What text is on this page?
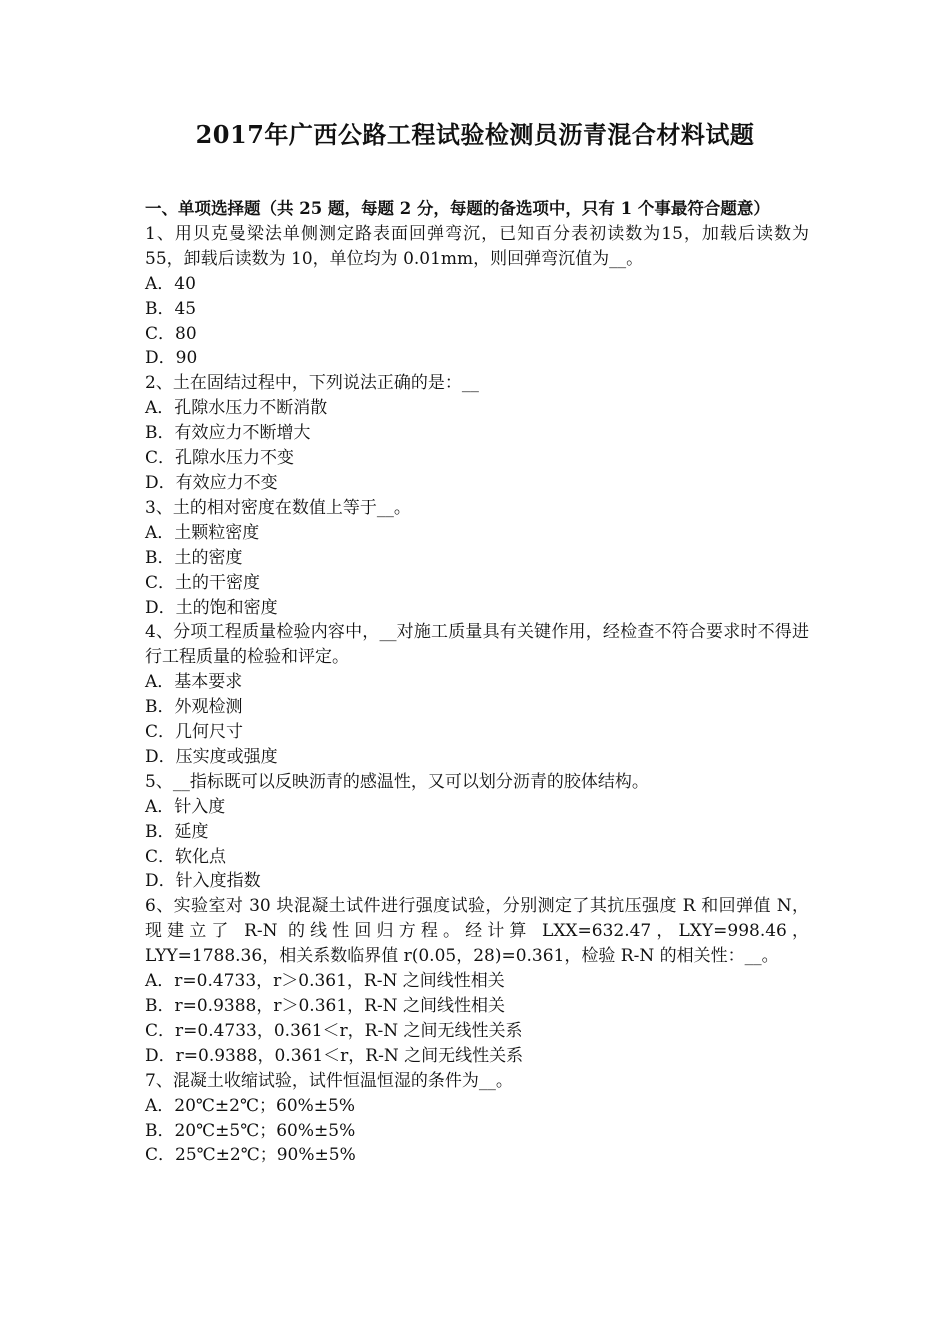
2017年广西公路工程试验检测员沥青混合材料试题
一、单项选择题（共 25 题，每题 2 分，每题的备选项中，只有 1 个事最符合题意）
1、用贝克曼梁法单侧测定路表面回弹弯沉，已知百分表初读数为15，加载后读数为 55，卸载后读数为 10，单位均为 0.01mm，则回弹弯沉值为__。
A．40
B．45
C．80
D．90
2、土在固结过程中，下列说法正确的是：__
A．孔隙水压力不断消散
B．有效应力不断增大
C．孔隙水压力不变
D．有效应力不变
3、土的相对密度在数值上等于__。
A．土颗粒密度
B．土的密度
C．土的干密度
D．土的饱和密度
4、分项工程质量检验内容中，__对施工质量具有关键作用，经检查不符合要求时不得进行工程质量的检验和评定。
A．基本要求
B．外观检测
C．几何尺寸
D．压实度或强度
5、__指标既可以反映沥青的感温性，又可以划分沥青的胶体结构。
A．针入度
B．延度
C．软化点
D．针入度指数
6、实验室对 30 块混凝土试件进行强度试验，分别测定了其抗压强度 R 和回弹值 N，现建立了 R-N 的线性回归方程。经计算 LXX=632.47，LXY=998.46，LYY=1788.36，相关系数临界值 r(0.05，28)=0.361，检验 R-N 的相关性：__。
A．r=0.4733，r＞0.361，R-N 之间线性相关
B．r=0.9388，r＞0.361，R-N 之间线性相关
C．r=0.4733，0.361＜r，R-N 之间无线性关系
D．r=0.9388，0.361＜r，R-N 之间无线性关系
7、混凝土收缩试验，试件恒温恒湿的条件为__。
A．20℃±2℃；60%±5%
B．20℃±5℃；60%±5%
C．25℃±2℃；90%±5%
